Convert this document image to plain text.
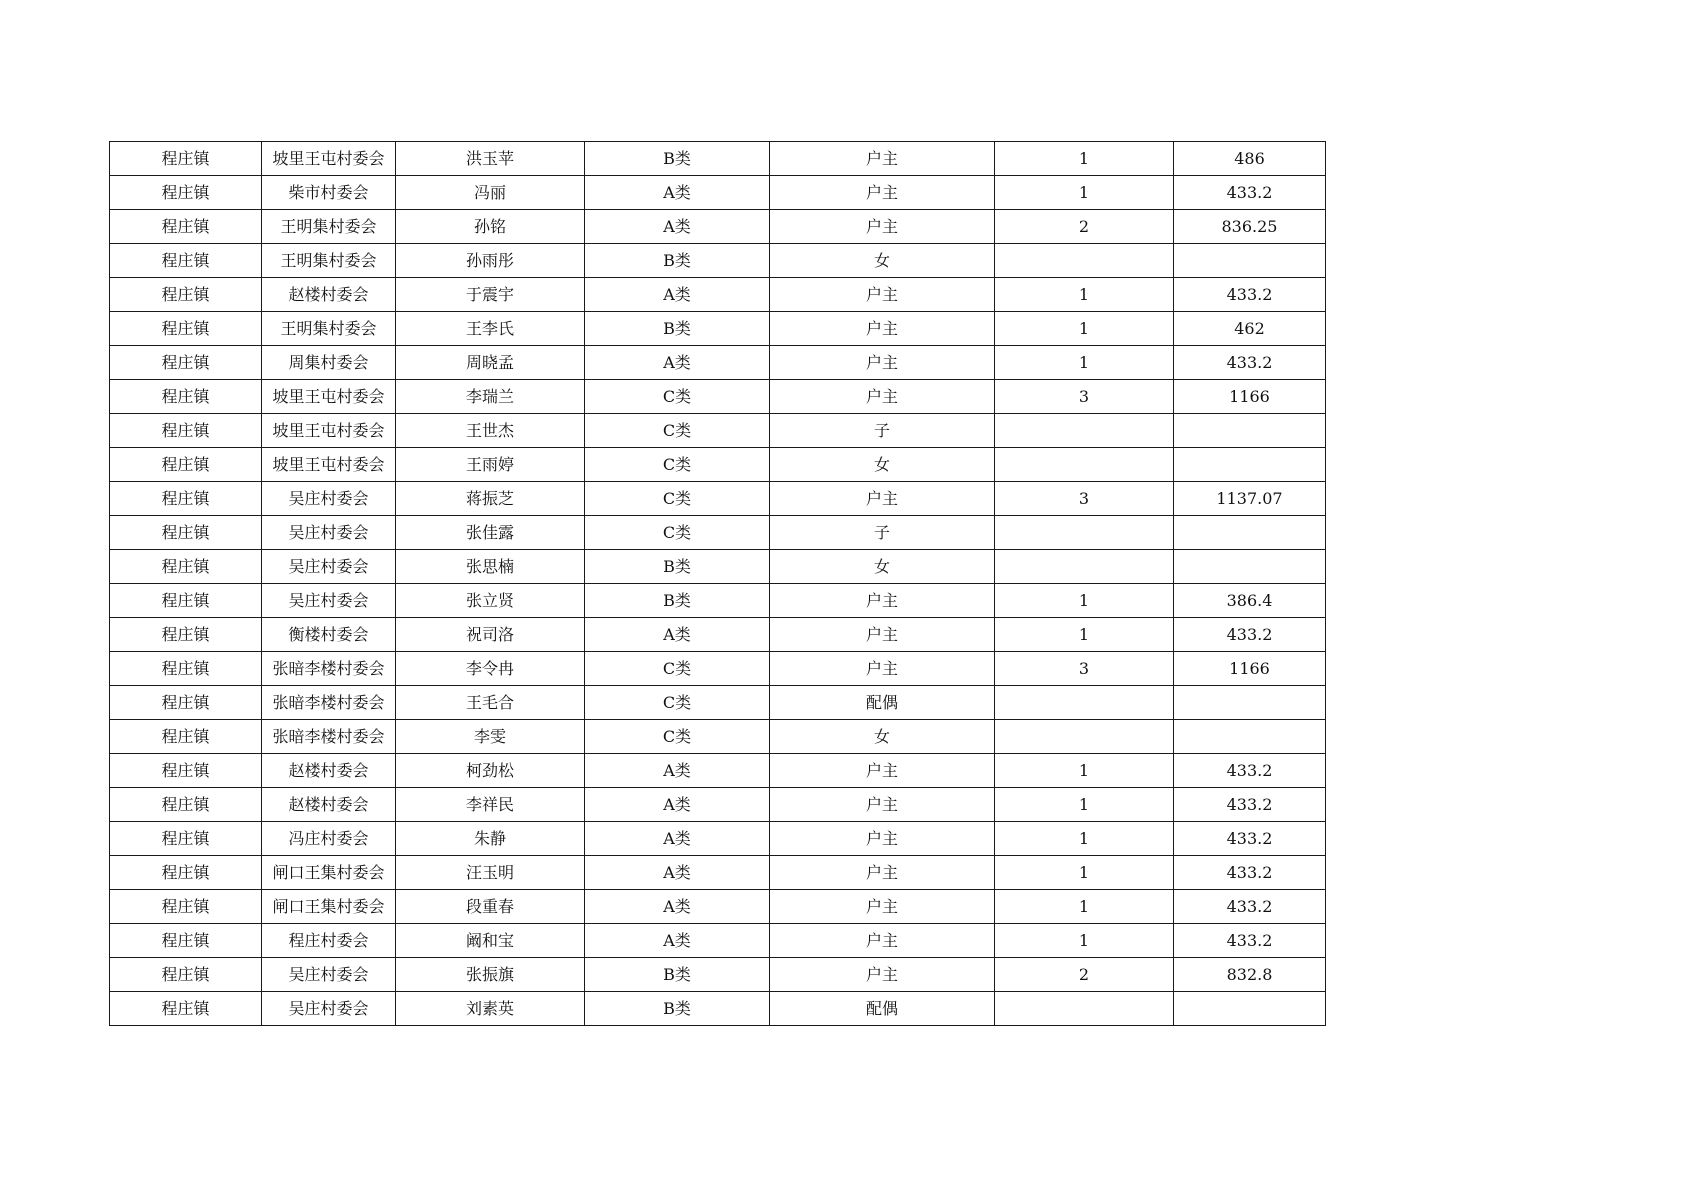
程庄镇	坡里王屯村委会	洪玉苹	B类	户主	1	486
程庄镇	柴市村委会	冯丽	A类	户主	1	433.2
程庄镇	王明集村委会	孙铭	A类	户主	2	836.25
程庄镇	王明集村委会	孙雨彤	B类	女		
程庄镇	赵楼村委会	于震宇	A类	户主	1	433.2
程庄镇	王明集村委会	王李氏	B类	户主	1	462
程庄镇	周集村委会	周晓孟	A类	户主	1	433.2
程庄镇	坡里王屯村委会	李瑞兰	C类	户主	3	1166
程庄镇	坡里王屯村委会	王世杰	C类	子		
程庄镇	坡里王屯村委会	王雨婷	C类	女		
程庄镇	吴庄村委会	蒋振芝	C类	户主	3	1137.07
程庄镇	吴庄村委会	张佳露	C类	子		
程庄镇	吴庄村委会	张思楠	B类	女		
程庄镇	吴庄村委会	张立贤	B类	户主	1	386.4
程庄镇	衡楼村委会	祝司洛	A类	户主	1	433.2
程庄镇	张暗李楼村委会	李令冉	C类	户主	3	1166
程庄镇	张暗李楼村委会	王毛合	C类	配偶		
程庄镇	张暗李楼村委会	李雯	C类	女		
程庄镇	赵楼村委会	柯劲松	A类	户主	1	433.2
程庄镇	赵楼村委会	李祥民	A类	户主	1	433.2
程庄镇	冯庄村委会	朱静	A类	户主	1	433.2
程庄镇	闸口王集村委会	汪玉明	A类	户主	1	433.2
程庄镇	闸口王集村委会	段重春	A类	户主	1	433.2
程庄镇	程庄村委会	阚和宝	A类	户主	1	433.2
程庄镇	吴庄村委会	张振旗	B类	户主	2	832.8
程庄镇	吴庄村委会	刘素英	B类	配偶		
